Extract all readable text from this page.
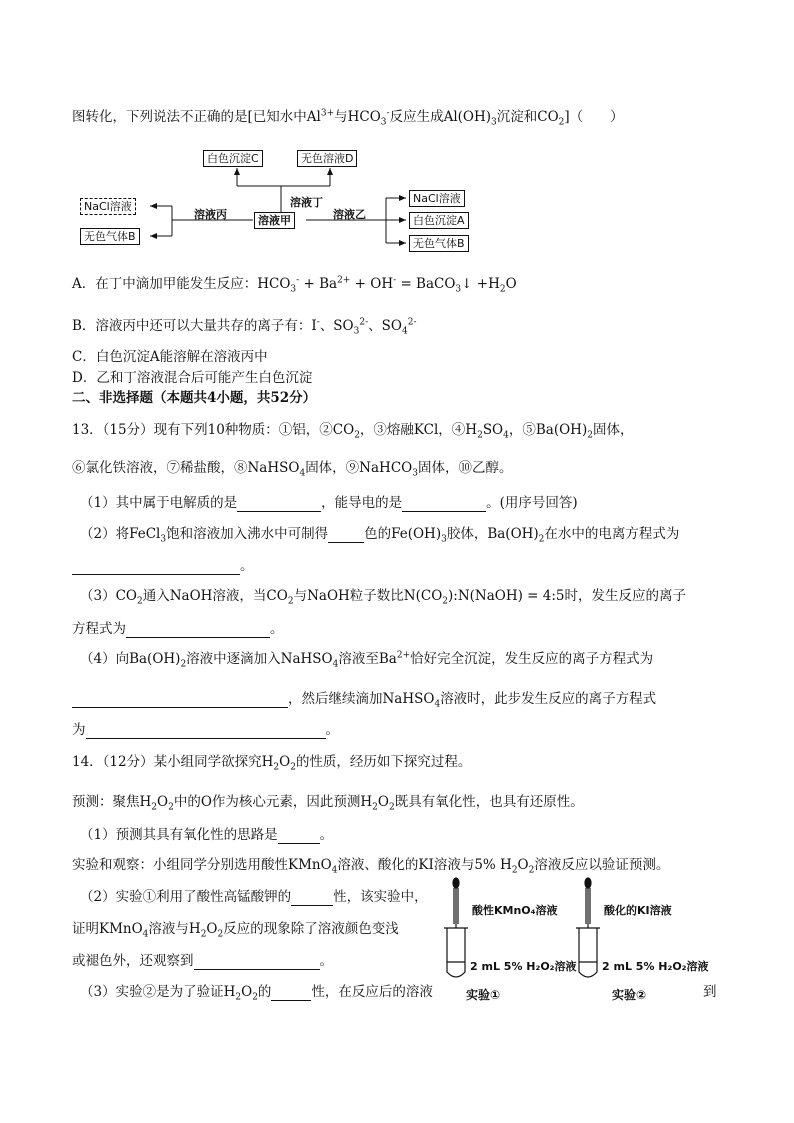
图转化，下列说法不正确的是[已知水中$Al^{3+}$与$HCO_3^-$反应生成$Al(OH)_3$沉淀和$CO_2$]（　　）
白色沉淀C	无色溶液D
NaCl溶液
无色气体B
溶液丙
溶液丁
溶液甲	溶液乙
NaCl溶液
白色沉淀A
无色气体B
A．在丁中滴加甲能发生反应：$HCO_3^- + Ba^{2+} + OH^-$ = BaCO$_3$↓ $+H_2O$
B．溶液丙中还可以大量共存的离子有：I-、$SO_3^{2-}$、$SO_4^{2-}$
C．白色沉淀A能溶解在溶液丙中
D．乙和丁溶液混合后可能产生白色沉淀
二、非选择题（本题共4小题，共52分）
13．（15分）现有下列10种物质：①铝，$②CO_2$，③熔融KCl，$④H_2SO_4$，$⑤Ba(OH)_2$固体，
⑥氯化铁溶液，⑦稀盐酸，⑧NaHSO$_4$固体，⑨NaHCO$_3$固体，⑩乙醇。
（1）其中属于电解质的是	，能导电的是	。(用序号回答)
（2）将FeCl$_3$饱和溶液加入沸水中可制得	色的$Fe(OH)_3$胶体，$Ba(OH)_2$在水中的电离方程式为
。
$(3)CO_2$通入NaOH溶液，当$CO_2$与NaOH粒子数比$N(CO_2):N(NaOH)$ = 4:5时，发生反应的离子
方程式为	。
（4）向$Ba(OH)_2$溶液中逐滴加入NaHSO$_4$溶液至$Ba^{2+}$恰好完全沉淀，发生反应的离子方程式为
，然后继续滴加NaHSO$_4$溶液时，此步发生反应的离子方程式
为	。
14．（12分）某小组同学欲探究$H_2O_2$的性质，经历如下探究过程。
预测：聚焦$H_2O_2$中的O作为核心元素，因此预测$H_2O_2$既具有氧化性，也具有还原性。
（1）预测其具有氧化性的思路是	。
实验和观察：小组同学分别选用酸性KMnO$_4$溶液、酸化的KI溶液与5% $H_2O_2$溶液反应以验证预测。
（2）实验①利用了酸性高锰酸钾的	性，该实验中，
证明KMnO$_4$溶液与$H_2O_2$反应的现象除了溶液颜色变浅
或褪色外，还观察到	。
（3）实验②是为了验证$H_2O_2$的	性，在反应后的溶液	到
酸性KMnO₄溶液	酸化的KI溶液
2 mL 5% H₂O₂溶液 2 mL 5% H₂O₂溶液
实验①	实验②
